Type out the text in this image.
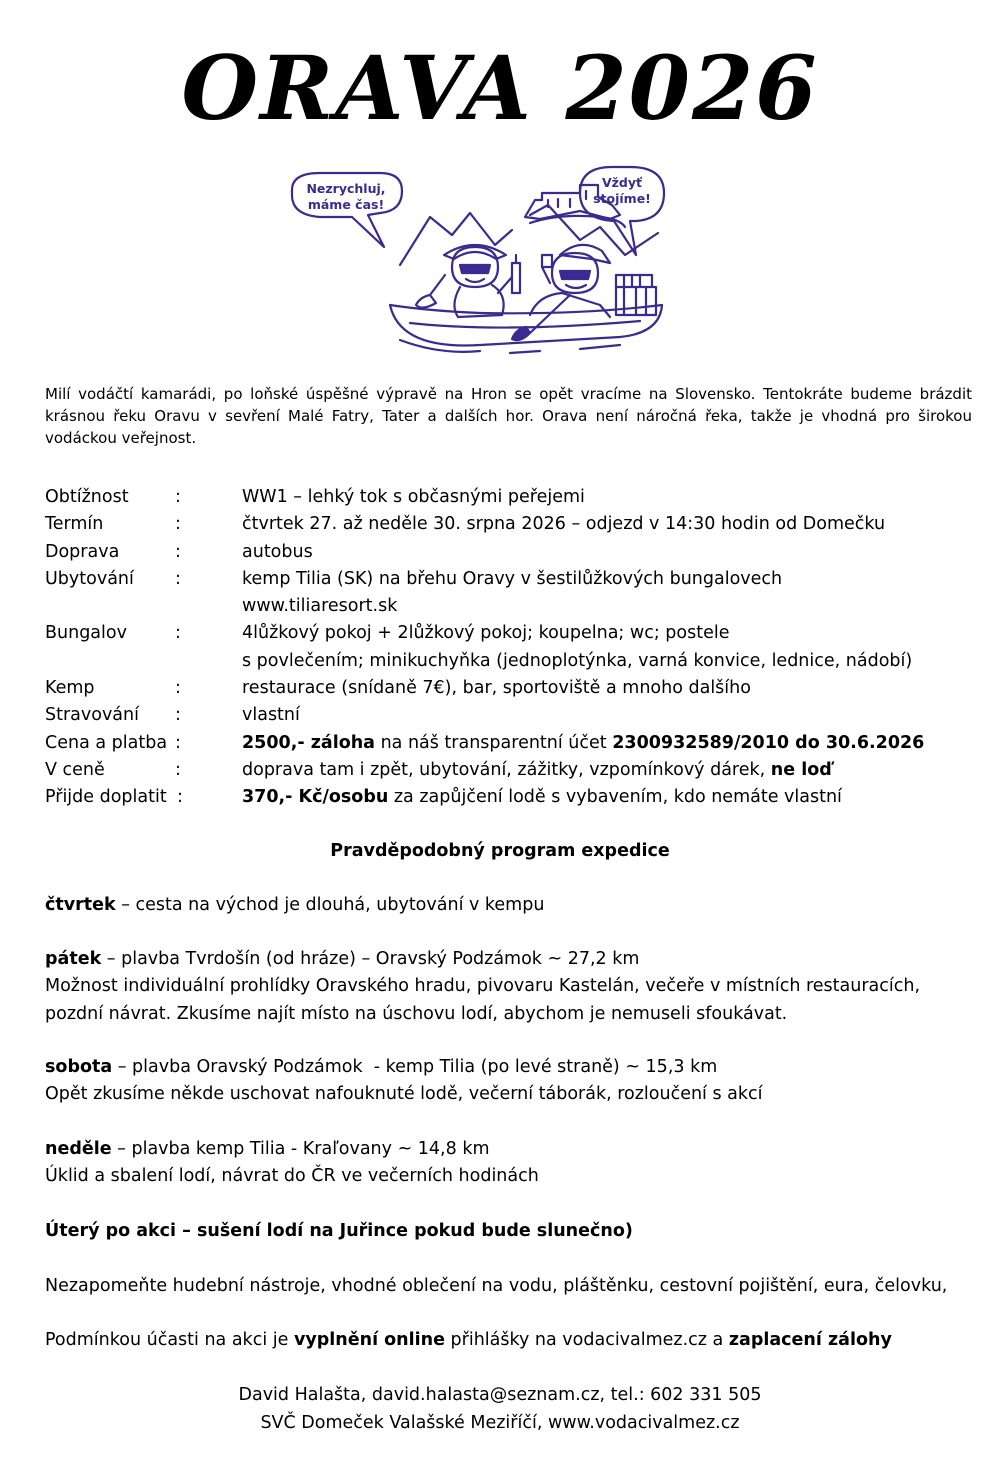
ORAVA 2026
Nezrychluj,
máme čas!
Vždyť
stojíme!

Milí vodáčtí kamarádi, po loňské úspěšné výpravě na Hron se opět vracíme na Slovensko. Tentokráte budeme brázdit krásnou řeku Oravu v sevření Malé Fatry, Tater a dalších hor. Orava není náročná řeka, takže je vhodná pro širokou vodáckou veřejnost.

Obtížnost	:	WW1 – lehký tok s občasnými peřejemi
Termín	:	čtvrtek 27. až neděle 30. srpna 2026 – odjezd v 14:30 hodin od Domečku
Doprava	:	autobus
Ubytování :	kemp Tilia (SK) na břehu Oravy v šestilůžkových bungalovech
www.tiliaresort.sk
Bungalov	:	4lůžkový pokoj + 2lůžkový pokoj; koupelna; wc; postele
s povlečením; minikuchyňka (jednoplotýnka, varná konvice, lednice, nádobí)
Kemp	:	restaurace (snídaně 7€), bar, sportoviště a mnoho dalšího
Stravování :	vlastní
Cena a platba :	2500,- záloha na náš transparentní účet 2300932589/2010 do 30.6.2026
V ceně	:	doprava tam i zpět, ubytování, zážitky, vzpomínkový dárek, ne loď
Přijde doplatit :	370,- Kč/osobu za zapůjčení lodě s vybavením, kdo nemáte vlastní

Pravděpodobný program expedice

čtvrtek – cesta na východ je dlouhá, ubytování v kempu

pátek – plavba Tvrdošín (od hráze) – Oravský Podzámok ~ 27,2 km
Možnost individuální prohlídky Oravského hradu, pivovaru Kastelán, večeře v místních restauracích,
pozdní návrat. Zkusíme najít místo na úschovu lodí, abychom je nemuseli sfoukávat.

sobota – plavba Oravský Podzámok  - kemp Tilia (po levé straně) ~ 15,3 km
Opět zkusíme někde uschovat nafouknuté lodě, večerní táborák, rozloučení s akcí

neděle – plavba kemp Tilia - Kraľovany ~ 14,8 km
Úklid a sbalení lodí, návrat do ČR ve večerních hodinách

Úterý po akci – sušení lodí na Juřince pokud bude slunečno)

Nezapomeňte hudební nástroje, vhodné oblečení na vodu, pláštěnku, cestovní pojištění, eura, čelovku,

Podmínkou účasti na akci je vyplnění online přihlášky na vodacivalmez.cz a zaplacení zálohy

David Halašta, david.halasta@seznam.cz, tel.: 602 331 505
SVČ Domeček Valašské Meziříčí, www.vodacivalmez.cz
